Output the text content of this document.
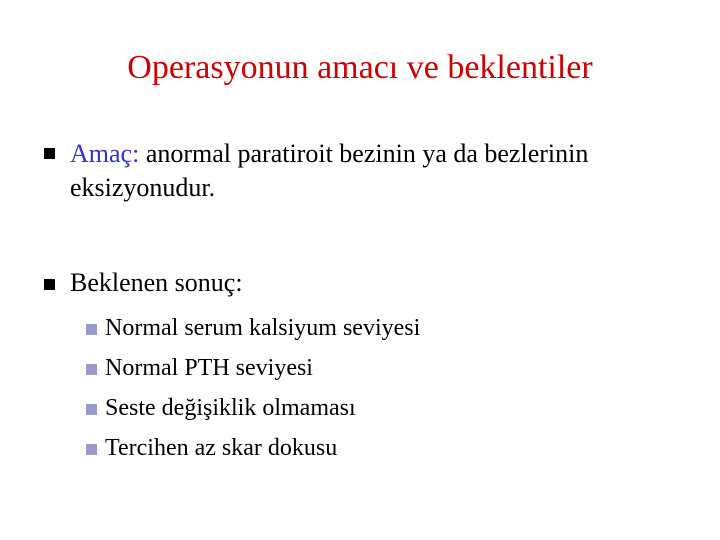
Operasyonun amacı ve beklentiler
Amaç: anormal paratiroit bezinin ya da bezlerinin eksizyonudur.
Beklenen sonuç:
Normal serum kalsiyum seviyesi
Normal PTH seviyesi
Seste değişiklik olmaması
Tercihen az skar dokusu
